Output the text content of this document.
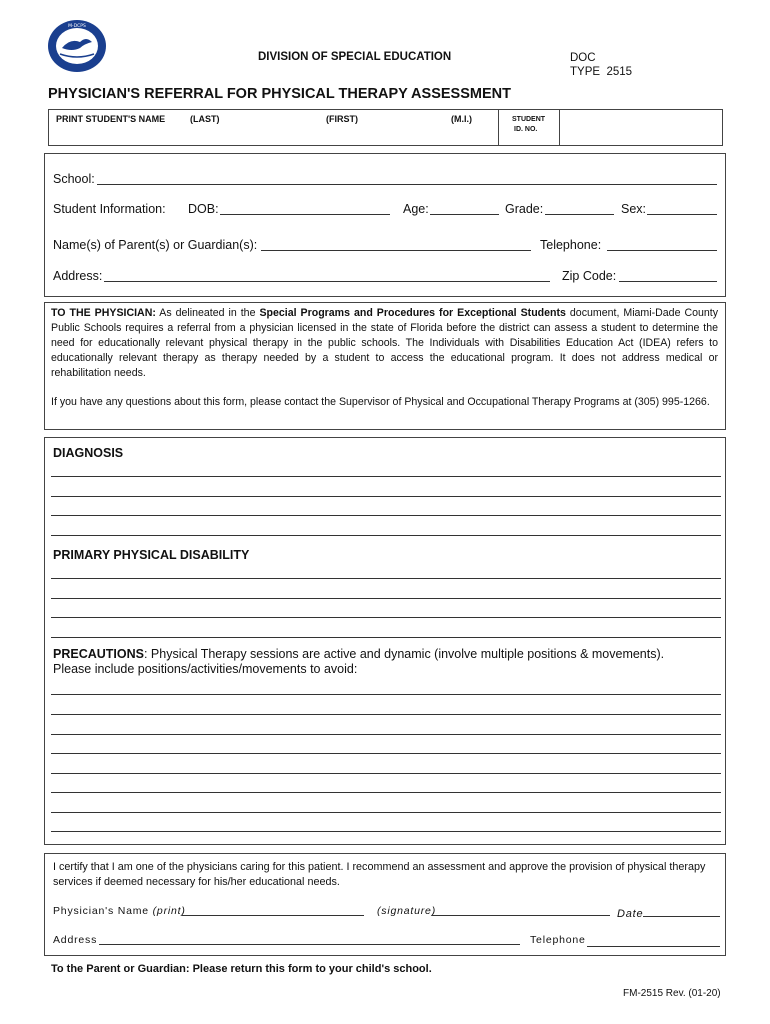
M-DCPS
DIVISION OF SPECIAL EDUCATION	DOC
TYPE 2515
PHYSICIAN'S REFERRAL FOR PHYSICAL THERAPY ASSESSMENT
PRINT STUDENT'S NAME	(LAST)	(FIRST)	(M.I.)	STUDENT
ID. NO.
School:
Student Information: DOB:	Age:	Grade:	Sex:
Name(s) of Parent(s) or Guardian(s):	Telephone:
Address:	Zip Code:
TO THE PHYSICIAN: As delineated in the Special Programs and Procedures for Exceptional Students document, Miami-Dade County Public Schools requires a referral from a physician licensed in the state of Florida before the district can assess a student to determine the need for educationally relevant physical therapy in the public schools. The Individuals with Disabilities Education Act (IDEA) refers to educationally relevant therapy as therapy needed by a student to access the educational program. It does not address medical or rehabilitation needs.
If you have any questions about this form, please contact the Supervisor of Physical and Occupational Therapy Programs at (305) 995-1266.
DIAGNOSIS
PRIMARY PHYSICAL DISABILITY
PRECAUTIONS: Physical Therapy sessions are active and dynamic (involve multiple positions & movements).
Please include positions/activities/movements to avoid:
I certify that I am one of the physicians caring for this patient. I recommend an assessment and approve the provision of physical therapy services if deemed necessary for his/her educational needs.
Physician's Name (print)	(signature)	Date
Address	Telephone
To the Parent or Guardian: Please return this form to your child's school.
FM-2515 Rev. (01-20)
